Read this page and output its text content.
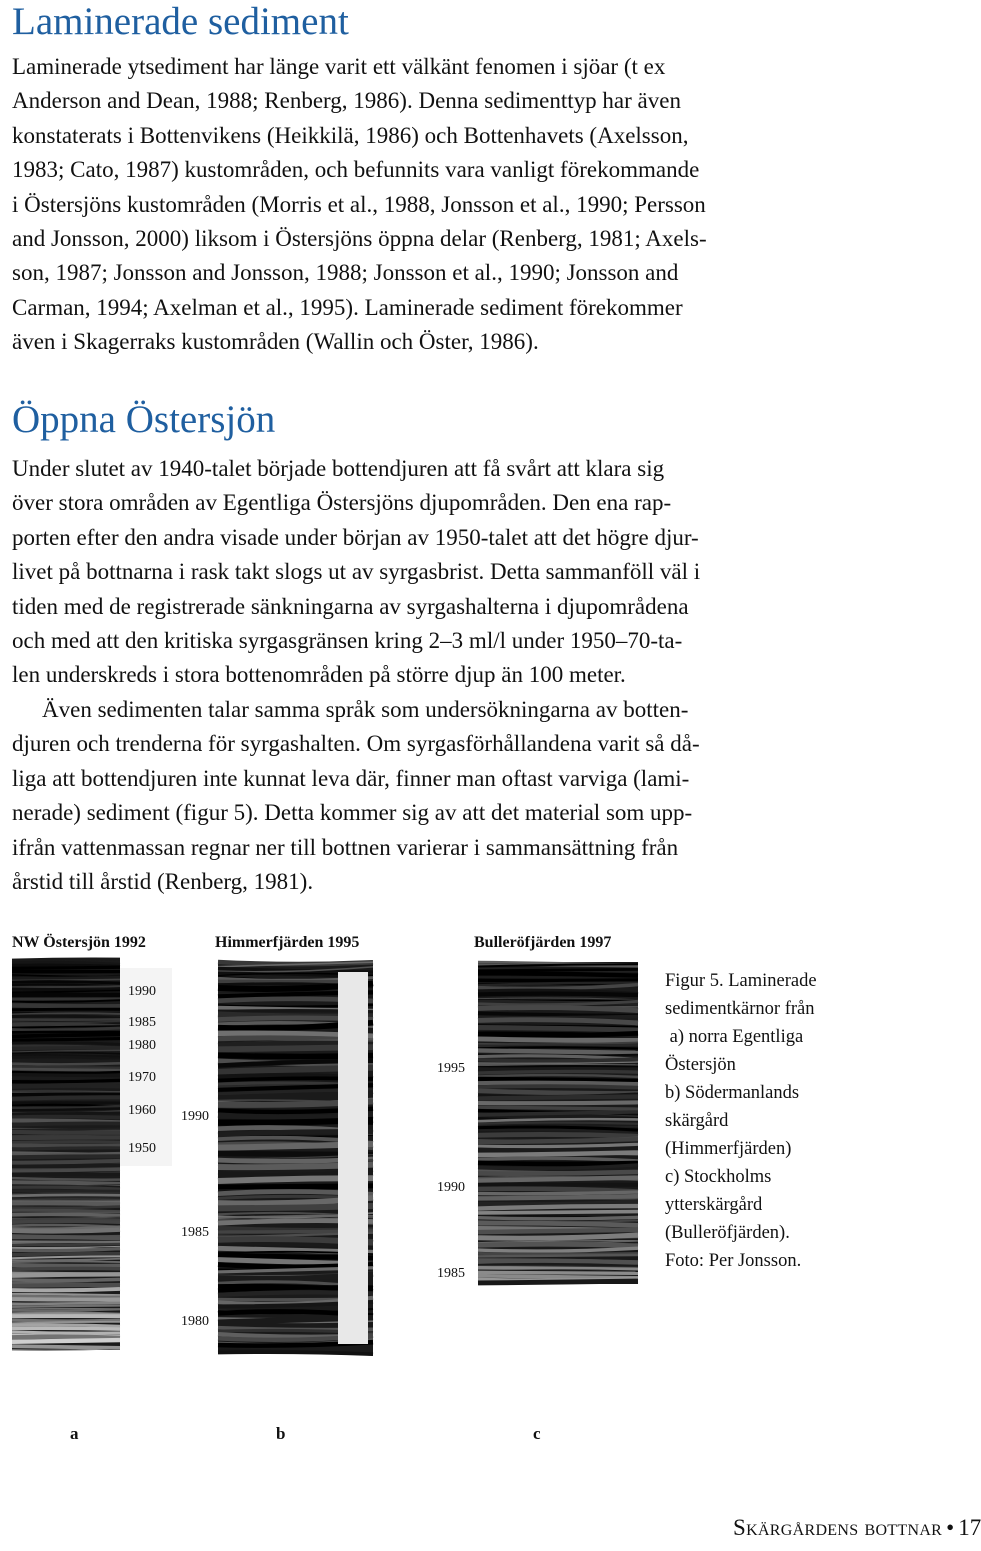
Laminerade sediment

Laminerade ytsediment har länge varit ett välkänt fenomen i sjöar (t ex
Anderson and Dean, 1988; Renberg, 1986). Denna sedimenttyp har även
konstaterats i Bottenvikens (Heikkilä, 1986) och Bottenhavets (Axelsson,
1983; Cato, 1987) kustområden, och befunnits vara vanligt förekommande
i Östersjöns kustområden (Morris et al., 1988, Jonsson et al., 1990; Persson
and Jonsson, 2000) liksom i Östersjöns öppna delar (Renberg, 1981; Axels-
son, 1987; Jonsson and Jonsson, 1988; Jonsson et al., 1990; Jonsson and
Carman, 1994; Axelman et al., 1995). Laminerade sediment förekommer
även i Skagerraks kustområden (Wallin och Öster, 1986).

Öppna Östersjön

Under slutet av 1940-talet började bottendjuren att få svårt att klara sig
över stora områden av Egentliga Östersjöns djupområden. Den ena rap-
porten efter den andra visade under början av 1950-talet att det högre djur-
livet på bottnarna i rask takt slogs ut av syrgasbrist. Detta sammanföll väl i
tiden med de registrerade sänkningarna av syrgashalterna i djupområdena
och med att den kritiska syrgasgränsen kring 2–3 ml/l under 1950–70-ta-
len underskreds i stora bottenområden på större djup än 100 meter.

Även sedimenten talar samma språk som undersökningarna av botten-
djuren och trenderna för syrgashalten. Om syrgasförhållandena varit så då-
liga att bottendjuren inte kunnat leva där, finner man oftast varviga (lami-
nerade) sediment (figur 5). Detta kommer sig av att det material som upp-
ifrån vattenmassan regnar ner till bottnen varierar i sammansättning från
årstid till årstid (Renberg, 1981).

NW Östersjön 1992	Himmerfjärden 1995	Bulleröfjärden 1997
1990
1985
1980
1970
1960
1950
1990
1985
1980
1995
1990
1985
a	b	c

Figur 5. Laminerade
sedimentkärnor från
a) norra Egentliga
Östersjön
b) Södermanlands
skärgård
(Himmerfjärden)
c) Stockholms
ytterskärgård
(Bulleröfjärden).
Foto: Per Jonsson.

Skärgårdens bottnar • 17
